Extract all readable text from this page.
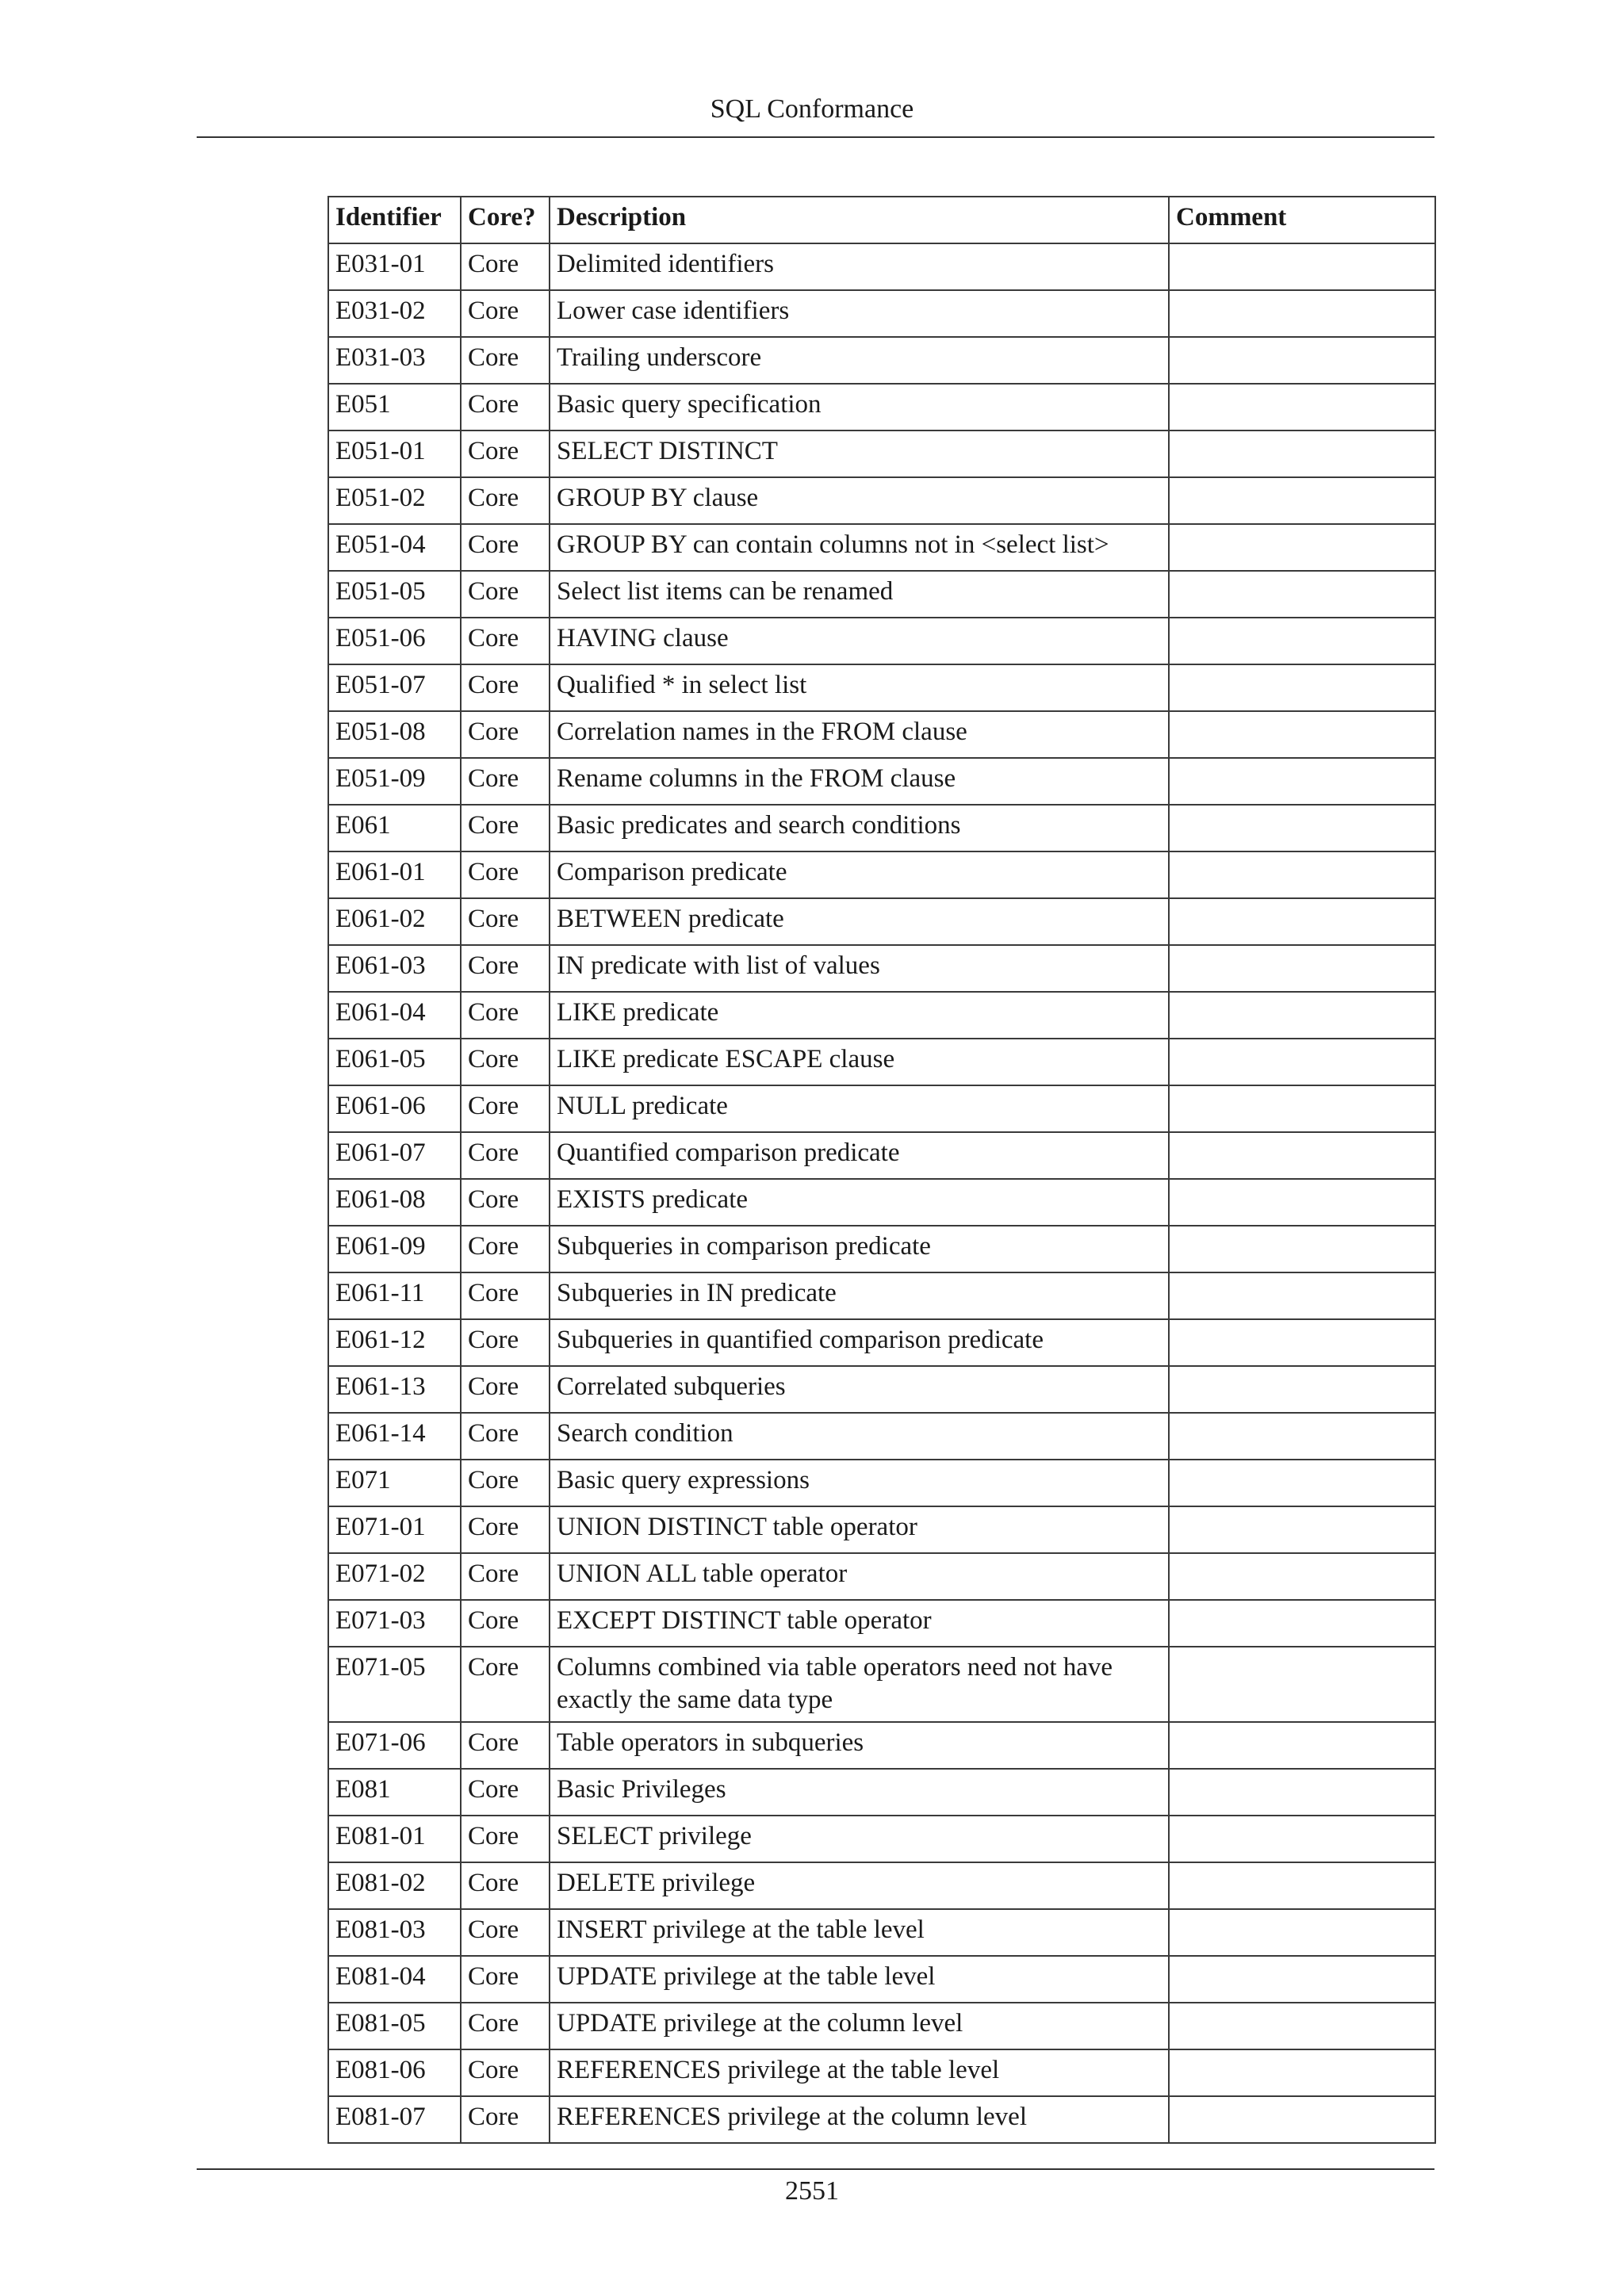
SQL Conformance
Identifier	Core?	Description	Comment
E031-01	Core	Delimited identifiers	
E031-02	Core	Lower case identifiers	
E031-03	Core	Trailing underscore	
E051	Core	Basic query specification	
E051-01	Core	SELECT DISTINCT	
E051-02	Core	GROUP BY clause	
E051-04	Core	GROUP BY can contain columns not in <select list>	
E051-05	Core	Select list items can be renamed	
E051-06	Core	HAVING clause	
E051-07	Core	Qualified * in select list	
E051-08	Core	Correlation names in the FROM clause	
E051-09	Core	Rename columns in the FROM clause	
E061	Core	Basic predicates and search conditions	
E061-01	Core	Comparison predicate	
E061-02	Core	BETWEEN predicate	
E061-03	Core	IN predicate with list of values	
E061-04	Core	LIKE predicate	
E061-05	Core	LIKE predicate ESCAPE clause	
E061-06	Core	NULL predicate	
E061-07	Core	Quantified comparison predicate	
E061-08	Core	EXISTS predicate	
E061-09	Core	Subqueries in comparison predicate	
E061-11	Core	Subqueries in IN predicate	
E061-12	Core	Subqueries in quantified comparison predicate	
E061-13	Core	Correlated subqueries	
E061-14	Core	Search condition	
E071	Core	Basic query expressions	
E071-01	Core	UNION DISTINCT table operator	
E071-02	Core	UNION ALL table operator	
E071-03	Core	EXCEPT DISTINCT table operator	
E071-05	Core	Columns combined via table operators need not have exactly the same data type	
E071-06	Core	Table operators in subqueries	
E081	Core	Basic Privileges	
E081-01	Core	SELECT privilege	
E081-02	Core	DELETE privilege	
E081-03	Core	INSERT privilege at the table level	
E081-04	Core	UPDATE privilege at the table level	
E081-05	Core	UPDATE privilege at the column level	
E081-06	Core	REFERENCES privilege at the table level	
E081-07	Core	REFERENCES privilege at the column level	
2551
